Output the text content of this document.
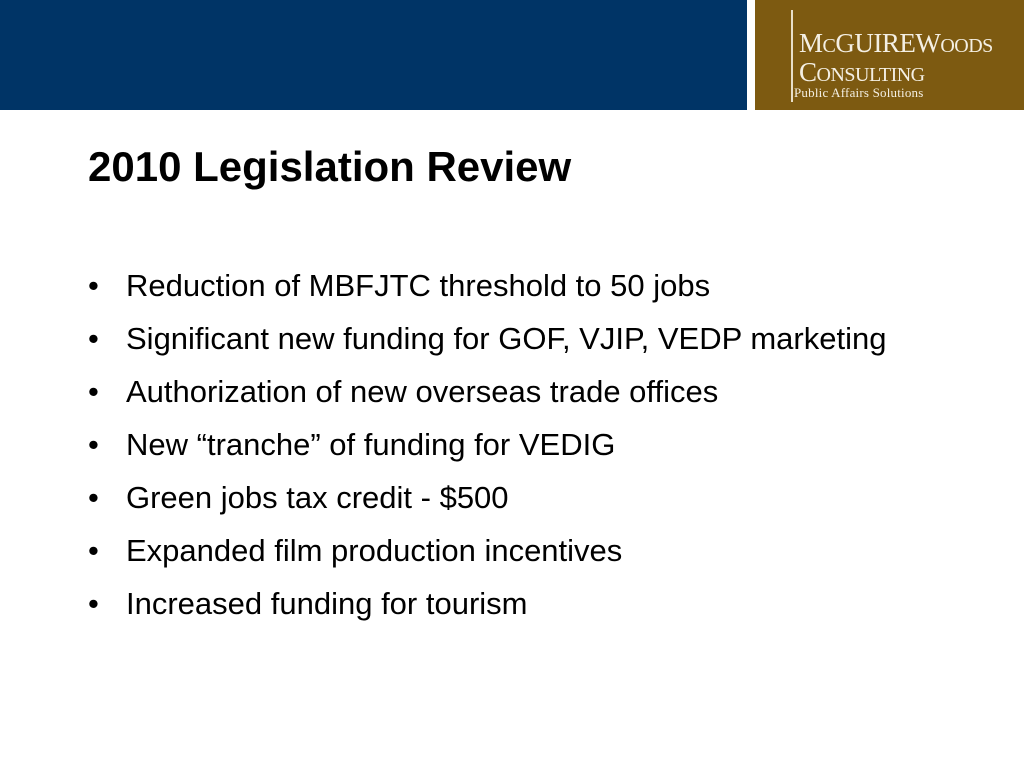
MCGUIREWOODS
CONSULTING
Public Affairs Solutions
2010 Legislation Review
• Reduction of MBFJTC threshold to 50 jobs
• Significant new funding for GOF, VJIP, VEDP marketing
• Authorization of new overseas trade offices
• New “tranche” of funding for VEDIG
• Green jobs tax credit - $500
• Expanded film production incentives
• Increased funding for tourism
